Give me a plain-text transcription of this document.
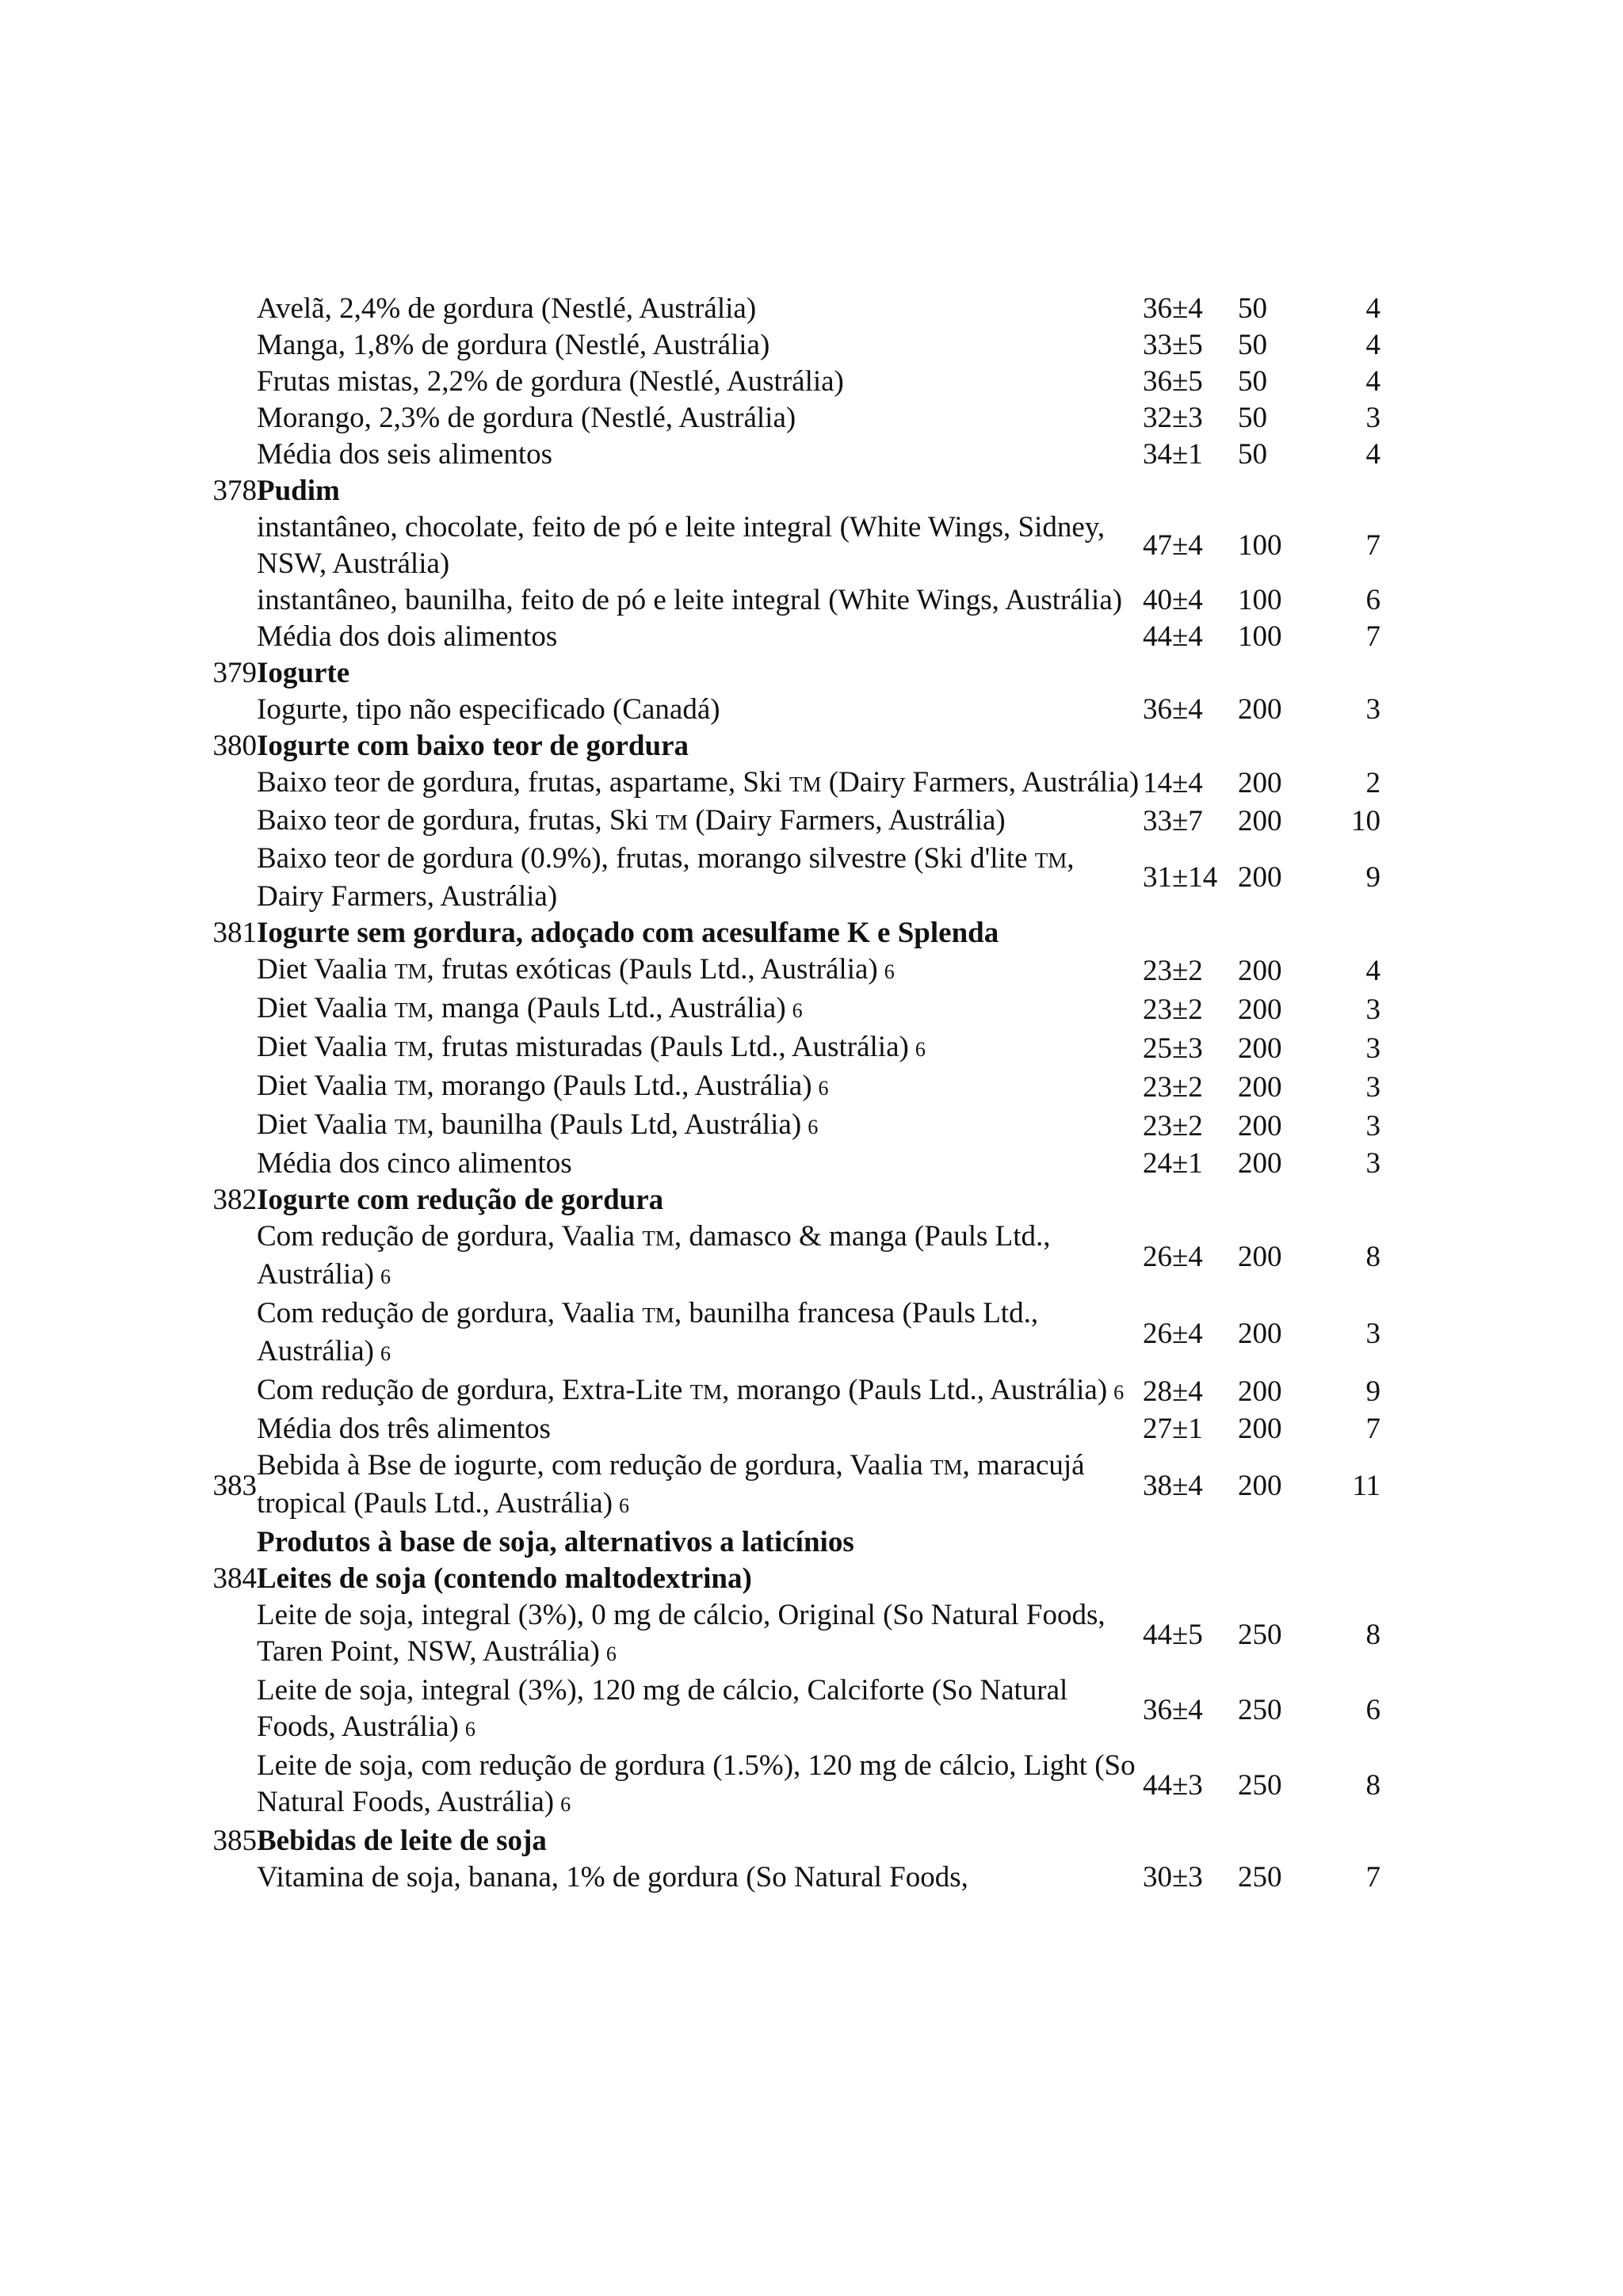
	Avelã, 2,4% de gordura (Nestlé, Austrália)	36±4	50	4
	Manga, 1,8% de gordura (Nestlé, Austrália)	33±5	50	4
	Frutas mistas, 2,2% de gordura (Nestlé, Austrália)	36±5	50	4
	Morango, 2,3% de gordura (Nestlé, Austrália)	32±3	50	3
	Média dos seis alimentos	34±1	50	4
378	Pudim			
	instantâneo, chocolate, feito de pó e leite integral (White Wings, Sidney, NSW, Austrália)	47±4	100	7
	instantâneo, baunilha, feito de pó e leite integral (White Wings, Austrália)	40±4	100	6
	Média dos dois alimentos	44±4	100	7
379	Iogurte			
	Iogurte, tipo não especificado (Canadá)	36±4	200	3
380	Iogurte com baixo teor de gordura			
	Baixo teor de gordura, frutas, aspartame, Ski TM (Dairy Farmers, Austrália)	14±4	200	2
	Baixo teor de gordura, frutas, Ski TM (Dairy Farmers, Austrália)	33±7	200	10
	Baixo teor de gordura (0.9%), frutas, morango silvestre (Ski d'lite TM, Dairy Farmers, Austrália)	31±14	200	9
381	Iogurte sem gordura, adoçado com acesulfame K e Splenda			
	Diet Vaalia TM, frutas exóticas (Pauls Ltd., Austrália) 6	23±2	200	4
	Diet Vaalia TM, manga (Pauls Ltd., Austrália) 6	23±2	200	3
	Diet Vaalia TM, frutas misturadas (Pauls Ltd., Austrália) 6	25±3	200	3
	Diet Vaalia TM, morango (Pauls Ltd., Austrália) 6	23±2	200	3
	Diet Vaalia TM, baunilha (Pauls Ltd, Austrália) 6	23±2	200	3
	Média dos cinco alimentos	24±1	200	3
382	Iogurte com redução de gordura			
	Com redução de gordura, Vaalia TM, damasco & manga (Pauls Ltd., Austrália) 6	26±4	200	8
	Com redução de gordura, Vaalia TM, baunilha francesa (Pauls Ltd., Austrália) 6	26±4	200	3
	Com redução de gordura, Extra-Lite TM, morango (Pauls Ltd., Austrália) 6	28±4	200	9
	Média dos três alimentos	27±1	200	7
383	Bebida à Bse de iogurte, com redução de gordura, Vaalia TM, maracujá tropical (Pauls Ltd., Austrália) 6	38±4	200	11
	Produtos à base de soja, alternativos a laticínios			
384	Leites de soja (contendo maltodextrina)			
	Leite de soja, integral (3%), 0 mg de cálcio, Original (So Natural Foods, Taren Point, NSW, Austrália) 6	44±5	250	8
	Leite de soja, integral (3%), 120 mg de cálcio, Calciforte (So Natural Foods, Austrália) 6	36±4	250	6
	Leite de soja, com redução de gordura (1.5%), 120 mg de cálcio, Light (So Natural Foods, Austrália) 6	44±3	250	8
385	Bebidas de leite de soja			
	Vitamina de soja, banana, 1% de gordura (So Natural Foods,	30±3	250	7
